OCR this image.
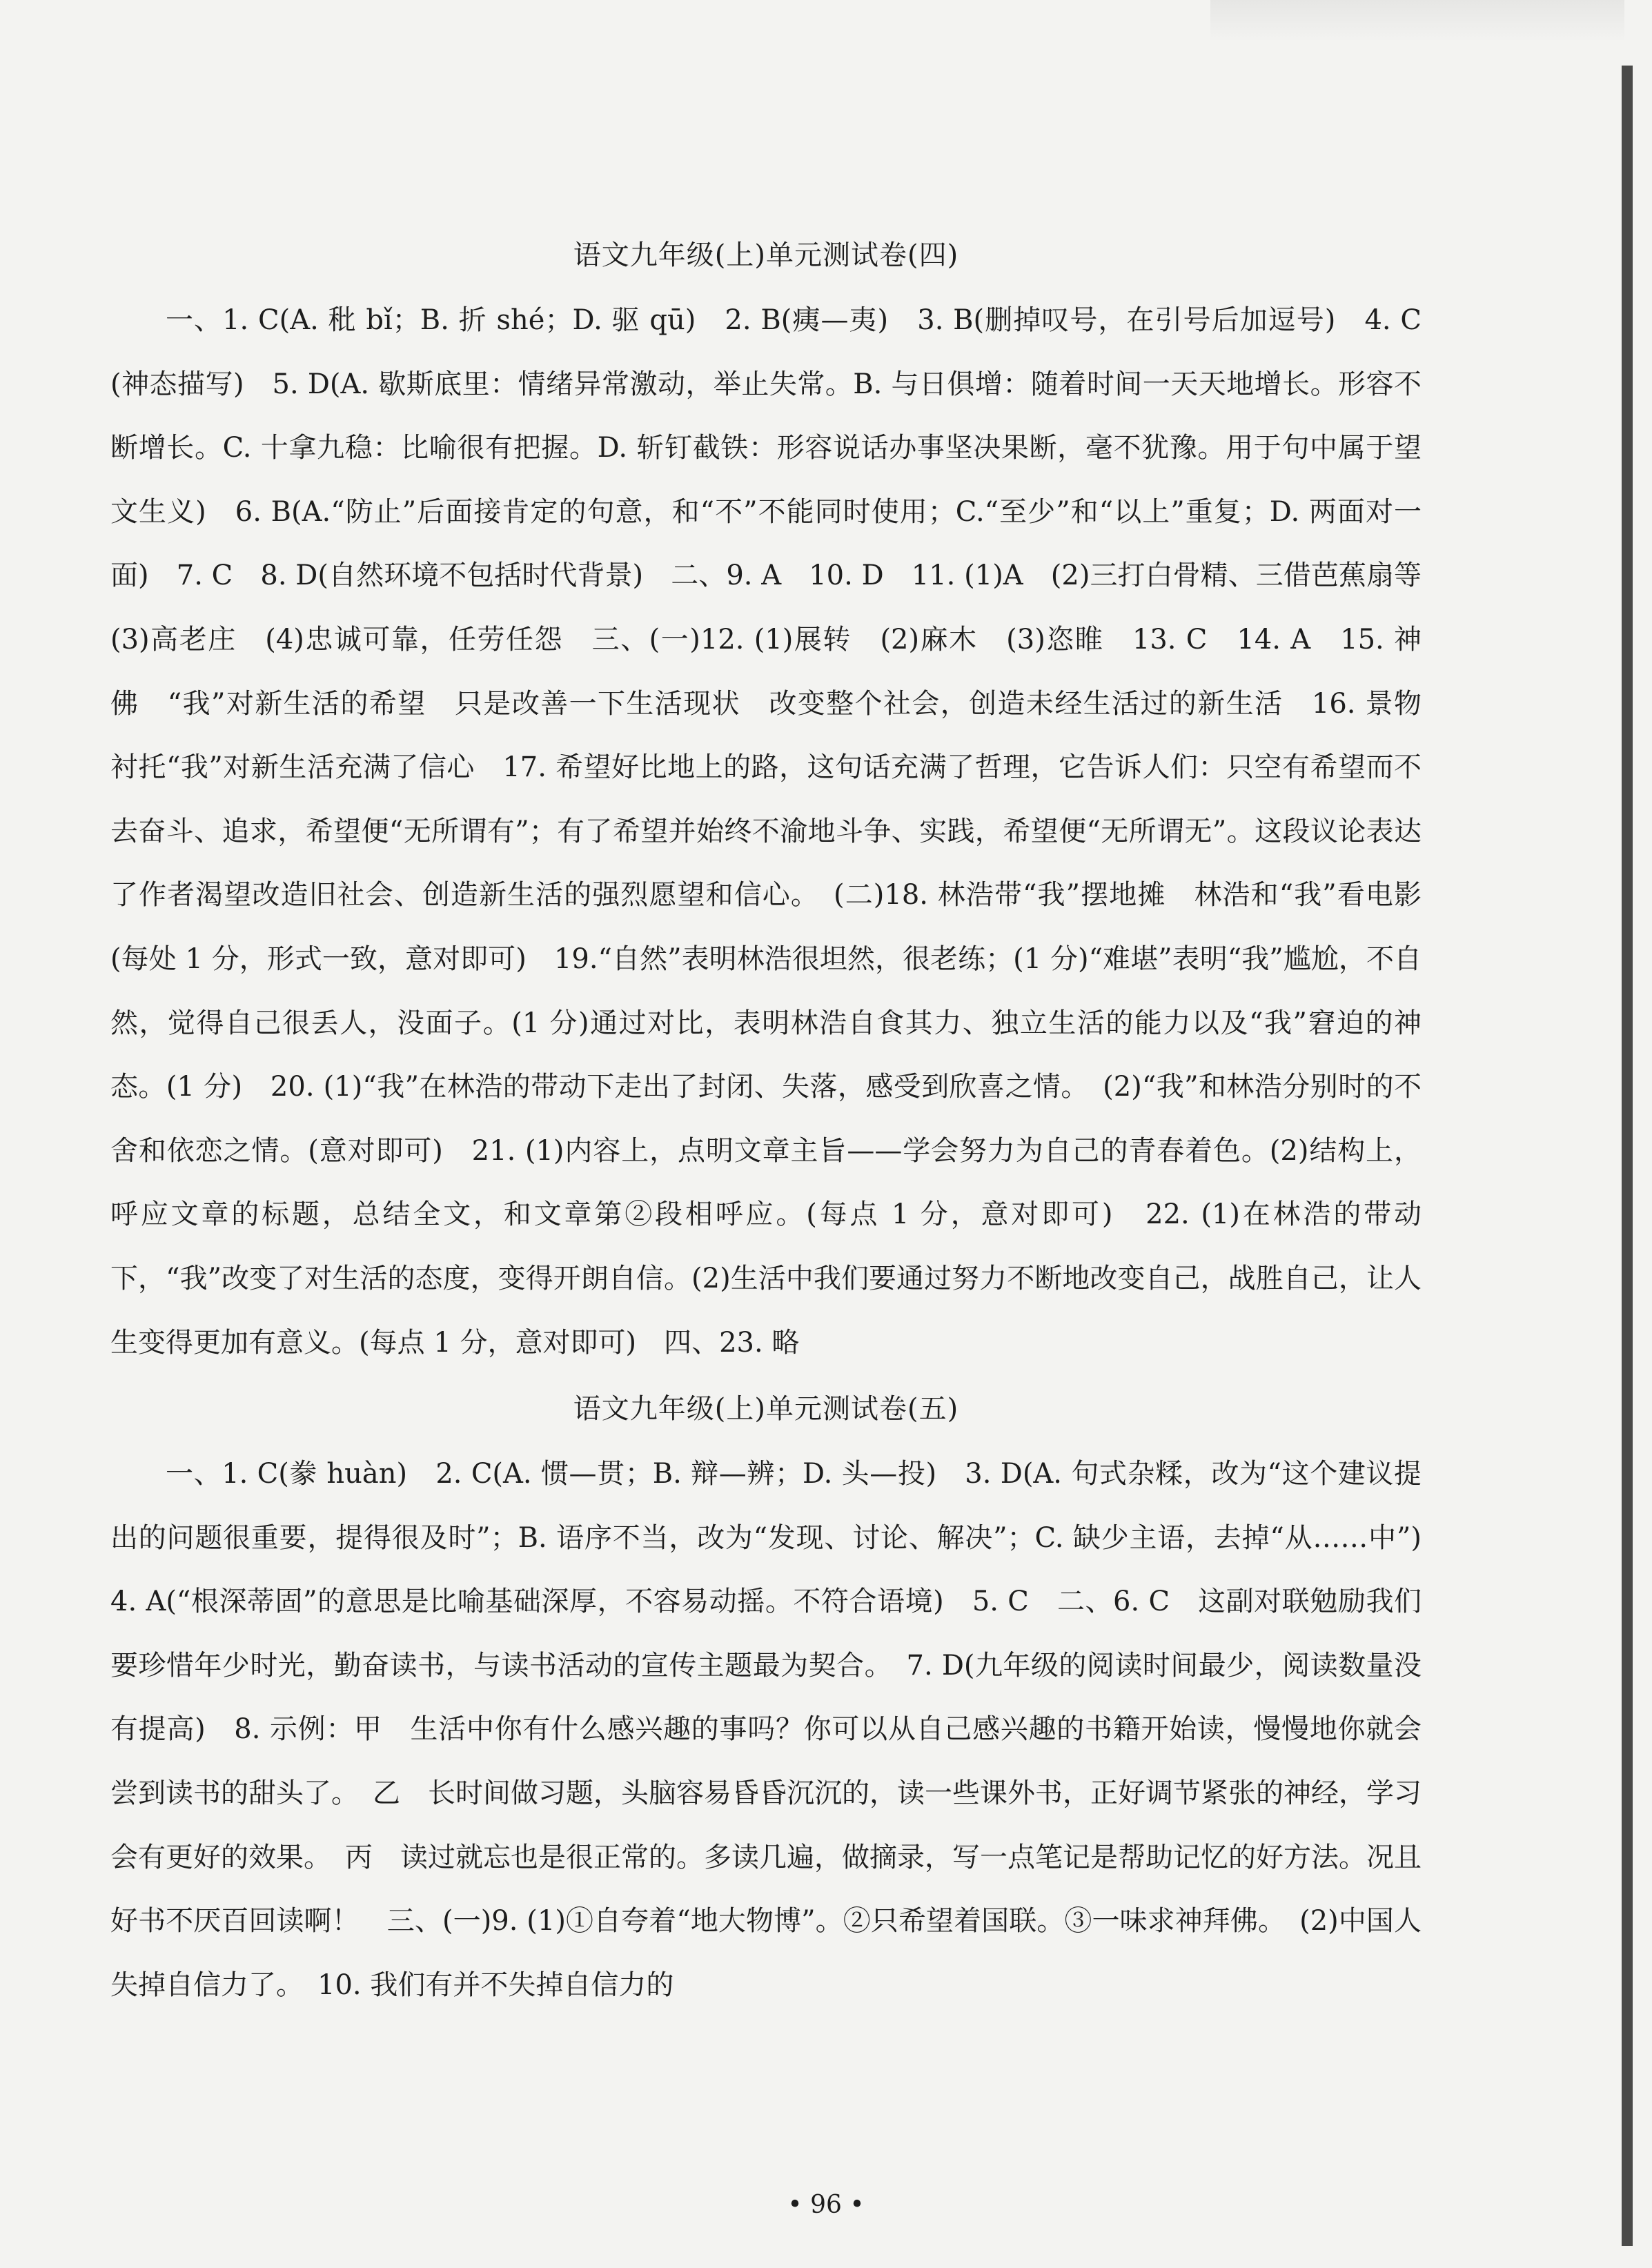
语文九年级(上)单元测试卷(四)

一、1. C(A. 秕 bǐ；B. 折 shé；D. 驱 qū)　2. B(痍—夷)　3. B(删掉叹号，在引号后加逗号)　4. C(神态描写)　5. D(A. 歇斯底里：情绪异常激动，举止失常。B. 与日俱增：随着时间一天天地增长。形容不断增长。C. 十拿九稳：比喻很有把握。D. 斩钉截铁：形容说话办事坚决果断，毫不犹豫。用于句中属于望文生义)　6. B(A.“防止”后面接肯定的句意，和“不”不能同时使用；C.“至少”和“以上”重复；D. 两面对一面)　7. C　8. D(自然环境不包括时代背景)　二、9. A　10. D　11. (1)A　(2)三打白骨精、三借芭蕉扇等　(3)高老庄　(4)忠诚可靠，任劳任怨　三、(一)12. (1)展转　(2)麻木　(3)恣睢　13. C　14. A　15. 神佛　“我”对新生活的希望　只是改善一下生活现状　改变整个社会，创造未经生活过的新生活　16. 景物　衬托“我”对新生活充满了信心　17. 希望好比地上的路，这句话充满了哲理，它告诉人们：只空有希望而不去奋斗、追求，希望便“无所谓有”；有了希望并始终不渝地斗争、实践，希望便“无所谓无”。这段议论表达了作者渴望改造旧社会、创造新生活的强烈愿望和信心。　(二)18. 林浩带“我”摆地摊　林浩和“我”看电影(每处 1 分，形式一致，意对即可)　19.“自然”表明林浩很坦然，很老练；(1 分)“难堪”表明“我”尴尬，不自然，觉得自己很丢人，没面子。(1 分)通过对比，表明林浩自食其力、独立生活的能力以及“我”窘迫的神态。(1 分)　20. (1)“我”在林浩的带动下走出了封闭、失落，感受到欣喜之情。　(2)“我”和林浩分别时的不舍和依恋之情。(意对即可)　21. (1)内容上，点明文章主旨——学会努力为自己的青春着色。(2)结构上，呼应文章的标题，总结全文，和文章第②段相呼应。(每点 1 分，意对即可)　22. (1)在林浩的带动下，“我”改变了对生活的态度，变得开朗自信。(2)生活中我们要通过努力不断地改变自己，战胜自己，让人生变得更加有意义。(每点 1 分，意对即可)　四、23. 略

语文九年级(上)单元测试卷(五)

一、1. C(豢 huàn)　2. C(A. 惯—贯；B. 辩—辨；D. 头—投)　3. D(A. 句式杂糅，改为“这个建议提出的问题很重要，提得很及时”；B. 语序不当，改为“发现、讨论、解决”；C. 缺少主语，去掉“从……中”)　4. A(“根深蒂固”的意思是比喻基础深厚，不容易动摇。不符合语境)　5. C　二、6. C　这副对联勉励我们要珍惜年少时光，勤奋读书，与读书活动的宣传主题最为契合。　7. D(九年级的阅读时间最少，阅读数量没有提高)　8. 示例：甲　生活中你有什么感兴趣的事吗？你可以从自己感兴趣的书籍开始读，慢慢地你就会尝到读书的甜头了。　乙　长时间做习题，头脑容易昏昏沉沉的，读一些课外书，正好调节紧张的神经，学习会有更好的效果。　丙　读过就忘也是很正常的。多读几遍，做摘录，写一点笔记是帮助记忆的好方法。况且好书不厌百回读啊！　三、(一)9. (1)①自夸着“地大物博”。②只希望着国联。③一味求神拜佛。　(2)中国人失掉自信力了。　10. 我们有并不失掉自信力的

• 96 •
